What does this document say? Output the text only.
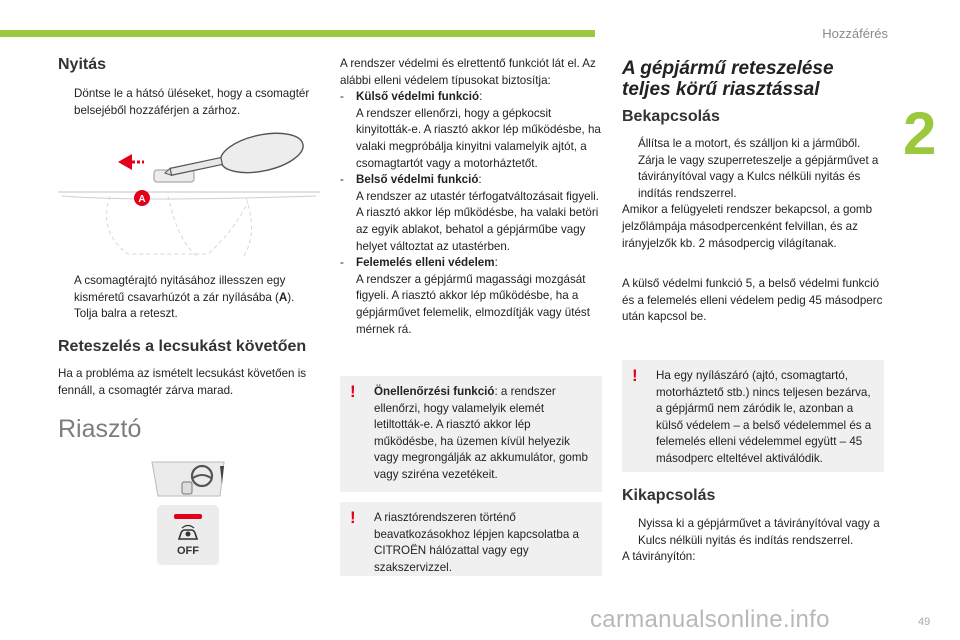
Hozzáférés
2
49
carmanualsonline.info
Nyitás
Döntse le a hátsó üléseket, hogy a csomagtér belsejéből hozzáférjen a zárhoz.
A
A csomagtérajtó nyitásához illesszen egy kisméretű csavarhúzót a zár nyílásába (A).
Tolja balra a reteszt.
Reteszelés a lecsukást követően

Ha a probléma az ismételt lecsukást követően is fennáll, a csomagtér zárva marad.

Riasztó
OFF

A rendszer védelmi és elrettentő funkciót lát el. Az alábbi elleni védelem típusokat biztosítja:

- Külső védelmi funkció:
A rendszer ellenőrzi, hogy a gépkocsit kinyitották-e. A riasztó akkor lép működésbe, ha valaki megpróbálja kinyitni valamelyik ajtót, a csomagtartót vagy a motorháztetőt.
- Belső védelmi funkció:
A rendszer az utastér térfogatváltozásait figyeli. A riasztó akkor lép működésbe, ha valaki betöri az egyik ablakot, behatol a gépjárműbe vagy helyet változtat az utastérben.
- Felemelés elleni védelem:
A rendszer a gépjármű magassági mozgását figyeli. A riasztó akkor lép működésbe, ha a gépjárművet felemelik, elmozdítják vagy ütést mérnek rá.
! Önellenőrzési funkció: a rendszer ellenőrzi, hogy valamelyik elemét letiltották-e. A riasztó akkor lép működésbe, ha üzemen kívül helyezik vagy megrongálják az akkumulátor, gomb vagy sziréna vezetékeit.
! A riasztórendszeren történő beavatkozásokhoz lépjen kapcsolatba a CITROËN hálózattal vagy egy szakszervizzel.
A gépjármű reteszelése teljes körű riasztással
Bekapcsolás
Állítsa le a motort, és szálljon ki a járműből.
Zárja le vagy szuperreteszelje a gépjárművet a távirányítóval vagy a Kulcs nélküli nyitás és indítás rendszerrel.

Amikor a felügyeleti rendszer bekapcsol, a gomb jelzőlámpája másodpercenként felvillan, és az irányjelzők kb. 2 másodpercig világítanak.

A külső védelmi funkció 5, a belső védelmi funkció és a felemelés elleni védelem pedig 45 másodperc után kapcsol be.

! Ha egy nyílászáró (ajtó, csomagtartó, motorháztető stb.) nincs teljesen bezárva, a gépjármű nem záródik le, azonban a külső védelem – a belső védelemmel és a felemelés elleni védelemmel együtt – 45 másodperc elteltével aktiválódik.
Kikapcsolás
Nyissa ki a gépjárművet a távirányítóval vagy a Kulcs nélküli nyitás és indítás rendszerrel.

A távirányítón:
